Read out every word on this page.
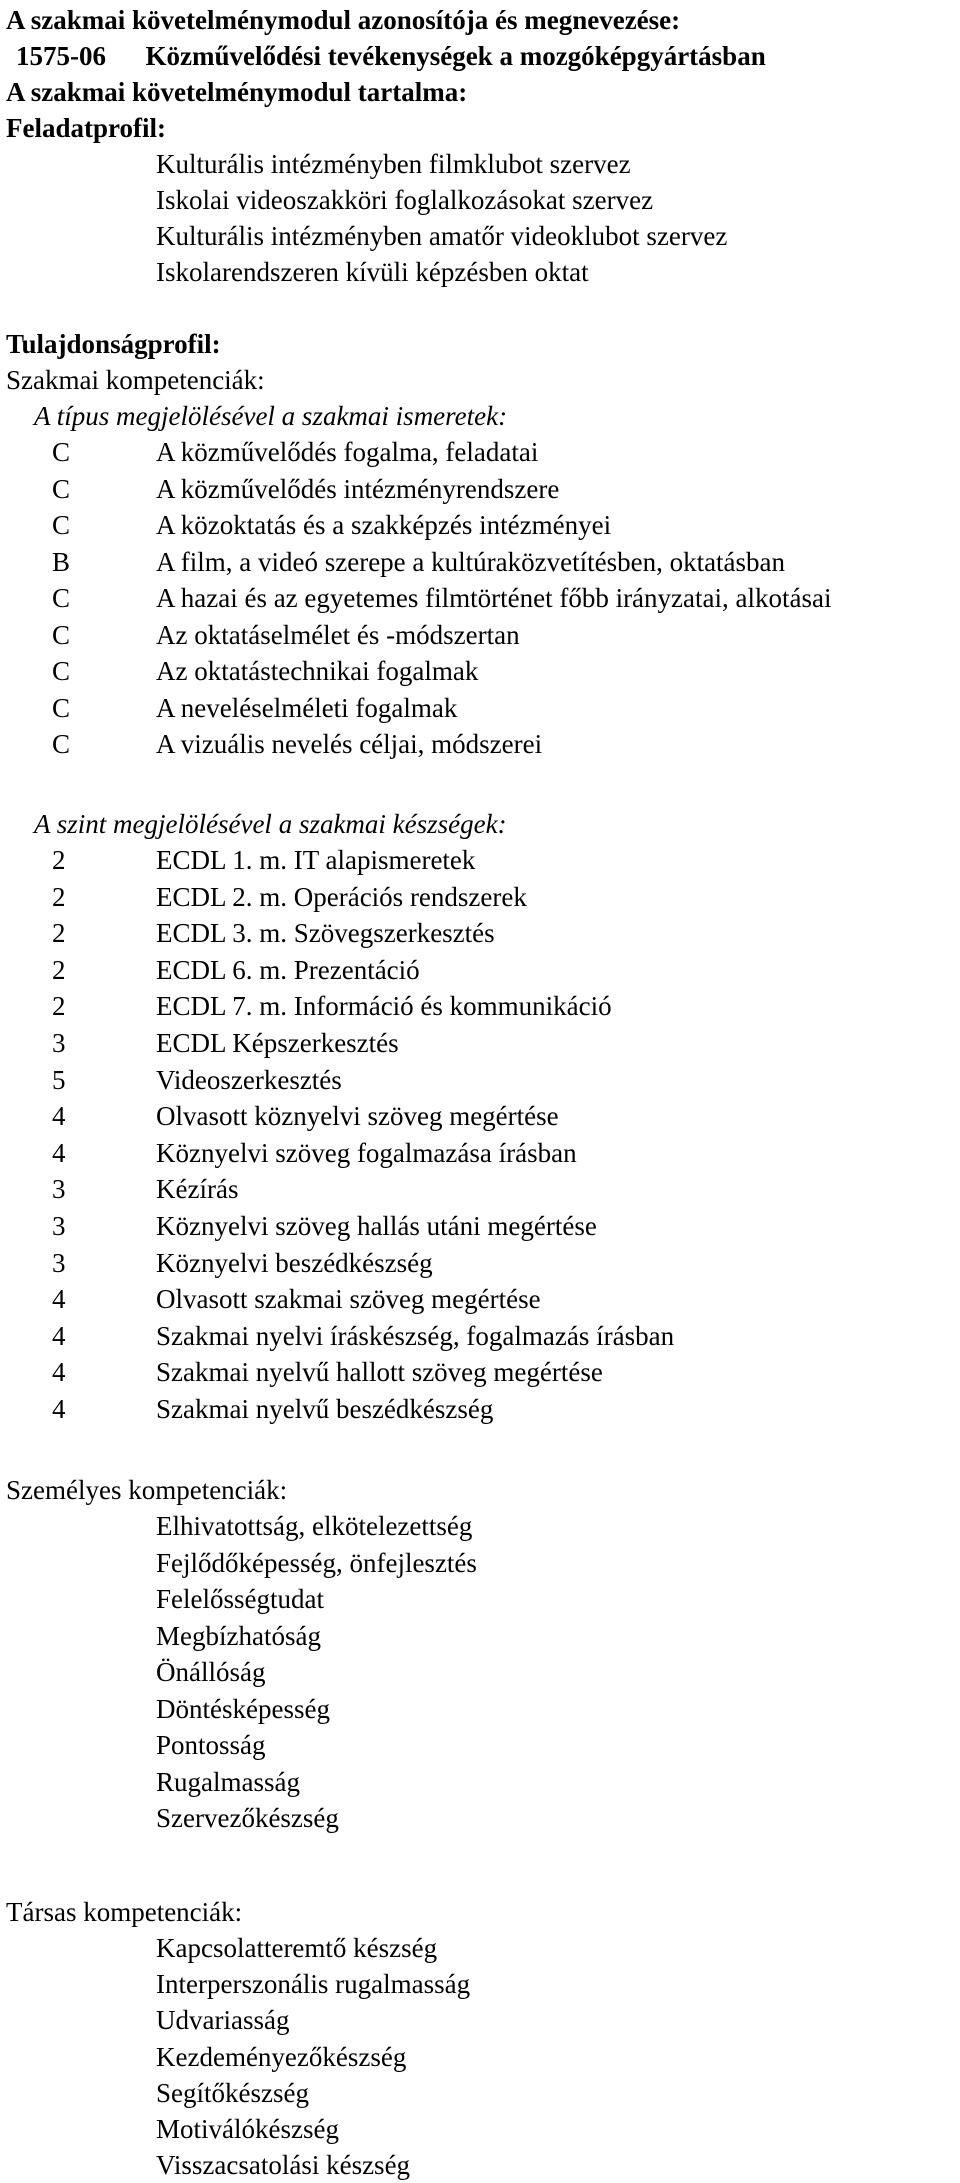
A szakmai követelménymodul azonosítója és megnevezése:
1575-06 Közművelődési tevékenységek a mozgóképgyártásban
A szakmai követelménymodul tartalma:
Feladatprofil:
Kulturális intézményben filmklubot szervez
Iskolai videoszakköri foglalkozásokat szervez
Kulturális intézményben amatőr videoklubot szervez
Iskolarendszeren kívüli képzésben oktat
Tulajdonságprofil:
Szakmai kompetenciák:
A típus megjelölésével a szakmai ismeretek:
C	A közművelődés fogalma, feladatai
C	A közművelődés intézményrendszere
C	A közoktatás és a szakképzés intézményei
B	A film, a videó szerepe a kultúraközvetítésben, oktatásban
C	A hazai és az egyetemes filmtörténet főbb irányzatai, alkotásai
C	Az oktatáselmélet és -módszertan
C	Az oktatástechnikai fogalmak
C	A neveléselméleti fogalmak
C	A vizuális nevelés céljai, módszerei
A szint megjelölésével a szakmai készségek:
2	ECDL 1. m. IT alapismeretek
2	ECDL 2. m. Operációs rendszerek
2	ECDL 3. m. Szövegszerkesztés
2	ECDL 6. m. Prezentáció
2	ECDL 7. m. Információ és kommunikáció
3	ECDL Képszerkesztés
5	Videoszerkesztés
4	Olvasott köznyelvi szöveg megértése
4	Köznyelvi szöveg fogalmazása írásban
3	Kézírás
3	Köznyelvi szöveg hallás utáni megértése
3	Köznyelvi beszédkészség
4	Olvasott szakmai szöveg megértése
4	Szakmai nyelvi íráskészség, fogalmazás írásban
4	Szakmai nyelvű hallott szöveg megértése
4	Szakmai nyelvű beszédkészség
Személyes kompetenciák:
Elhivatottság, elkötelezettség
Fejlődőképesség, önfejlesztés
Felelősségtudat
Megbízhatóság
Önállóság
Döntésképesség
Pontosság
Rugalmasság
Szervezőkészség
Társas kompetenciák:
Kapcsolatteremtő készség
Interperszonális rugalmasság
Udvariasság
Kezdeményezőkészség
Segítőkészség
Motiválókészség
Visszacsatolási készség
